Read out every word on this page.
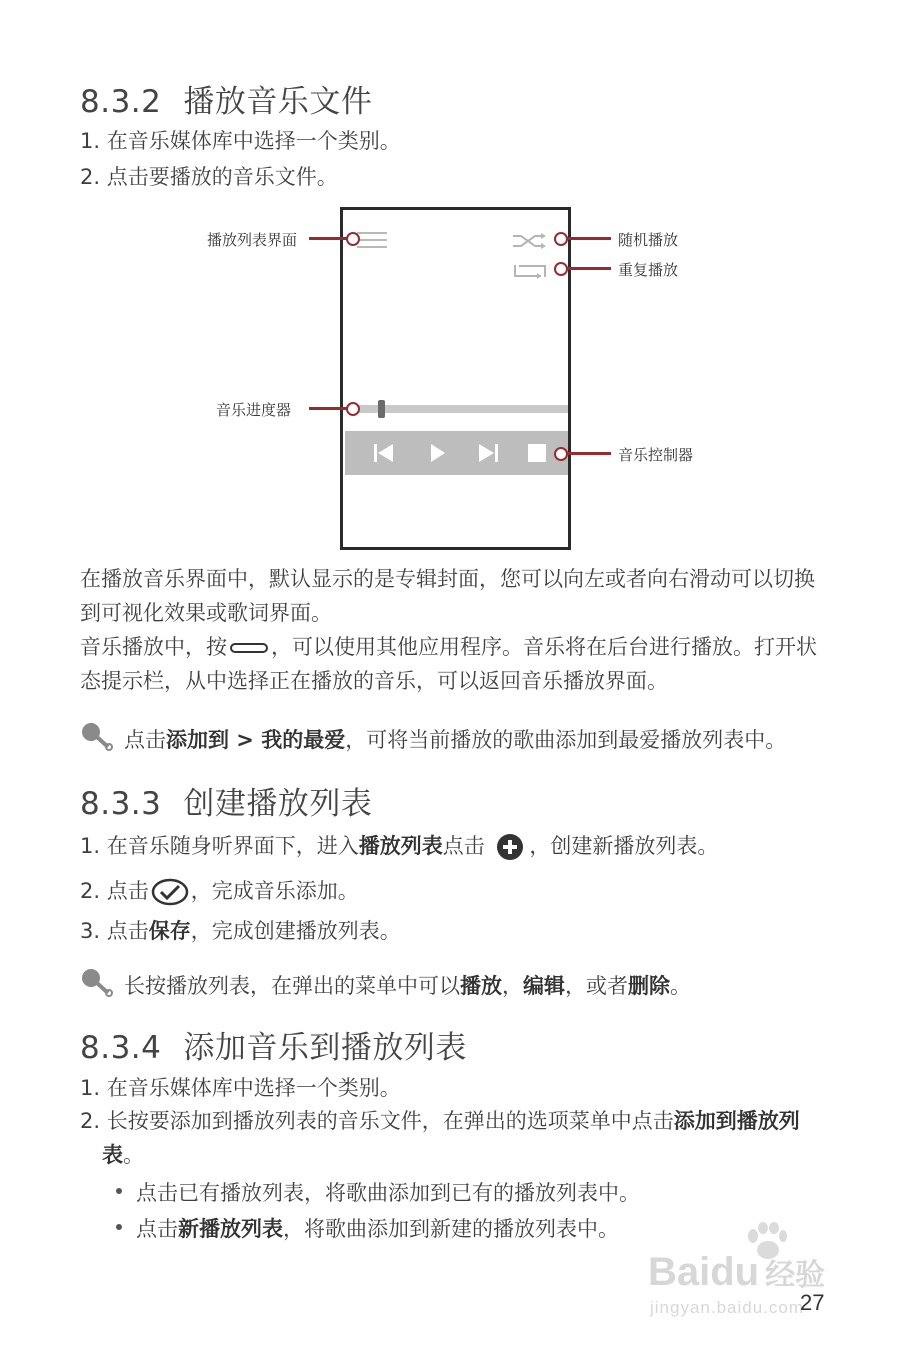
8.3.2 播放音乐文件
1. 在音乐媒体库中选择一个类别。
2. 点击要播放的音乐文件。
播放列表界面	随机播放
重复播放
音乐进度器
音乐控制器
在播放音乐界面中，默认显示的是专辑封面，您可以向左或者向右滑动可以切换到可视化效果或歌词界面。
音乐播放中，按 ，可以使用其他应用程序。音乐将在后台进行播放。打开状态提示栏，从中选择正在播放的音乐，可以返回音乐播放界面。
点击添加到 > 我的最爱，可将当前播放的歌曲添加到最爱播放列表中。
8.3.3 创建播放列表
1. 在音乐随身听界面下，进入播放列表点击 ，创建新播放列表。
2. 点击 ，完成音乐添加。
3. 点击保存，完成创建播放列表。
长按播放列表，在弹出的菜单中可以播放，编辑，或者删除。
8.3.4 添加音乐到播放列表
1. 在音乐媒体库中选择一个类别。
2. 长按要添加到播放列表的音乐文件，在弹出的选项菜单中点击添加到播放列表。
点击已有播放列表，将歌曲添加到已有的播放列表中。
点击新播放列表，将歌曲添加到新建的播放列表中。
Baidu 经验
jingyan.baidu.com
27
